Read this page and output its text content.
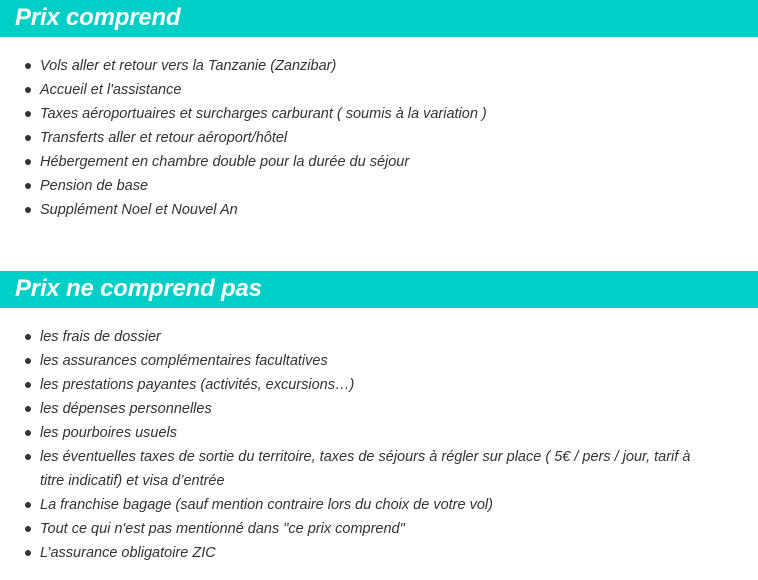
Prix comprend
Vols aller et retour vers la Tanzanie (Zanzibar)
Accueil et l'assistance
Taxes aéroportuaires et surcharges carburant ( soumis à la variation )
Transferts aller et retour aéroport/hôtel
Hébergement en chambre double pour la durée du séjour
Pension de base
Supplément Noel et Nouvel An
Prix ne comprend pas
les frais de dossier
les assurances complémentaires facultatives
les prestations payantes (activités, excursions…)
les dépenses personnelles
les pourboires usuels
les éventuelles taxes de sortie du territoire, taxes de séjours à régler sur place ( 5€ / pers / jour, tarif à titre indicatif) et visa d’entrée
La franchise bagage (sauf mention contraire lors du choix de votre vol)
Tout ce qui n'est pas mentionné dans "ce prix comprend"
L’assurance obligatoire ZIC
